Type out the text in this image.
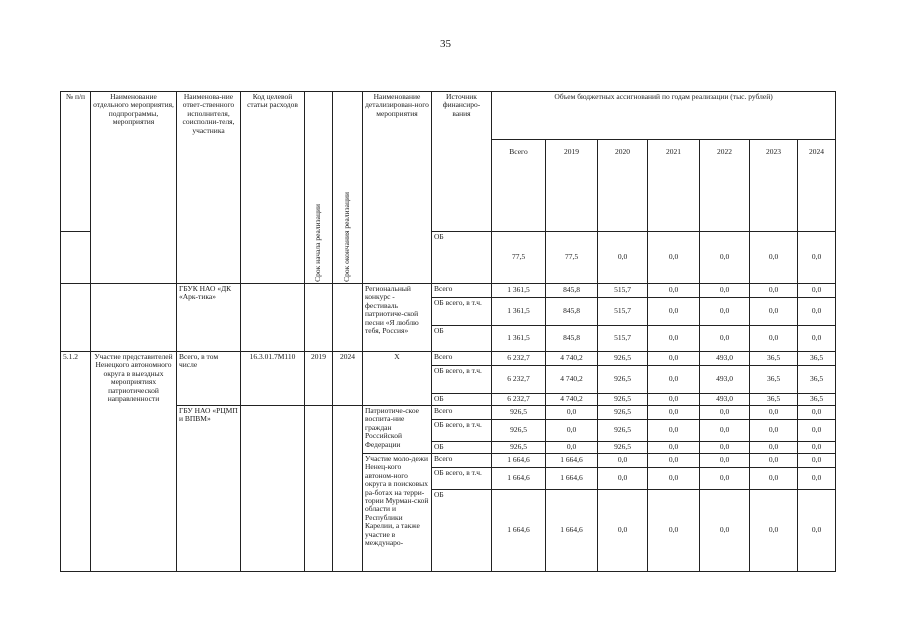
35
№ п/п	Наименование отдельного мероприятия, подпрограммы, мероприятия	Наименова-ние ответ-ственного исполнителя, соисполни-теля, участника	Код целевой статьи расходов	Срок начала реализации	Срок окончания реализации	Наименование детализирован-ного мероприятия	Источник финансиро-вания	Объем бюджетных ассигнований по годам реализации (тыс. рублей)						
								Всего	2019	2020	2021	2022	2023	2024
							ОБ	77,5	77,5	0,0	0,0	0,0	0,0	0,0
		ГБУК НАО «ДК «Арк-тика»				Региональный конкурс - фестиваль патриотиче-ской песни «Я люблю тебя, Россия»	Всего	1 361,5	845,8	515,7	0,0	0,0	0,0	0,0
							ОБ всего, в т.ч.	1 361,5	845,8	515,7	0,0	0,0	0,0	0,0
							ОБ	1 361,5	845,8	515,7	0,0	0,0	0,0	0,0
5.1.2	Участие представителей Ненецкого автономного округа в выездных мероприятиях патриотической направленности	Всего, в том числе	16.3.01.7М110	2019	2024	Х	Всего	6 232,7	4 740,2	926,5	0,0	493,0	36,5	36,5
							ОБ всего, в т.ч.	6 232,7	4 740,2	926,5	0,0	493,0	36,5	36,5
							ОБ	6 232,7	4 740,2	926,5	0,0	493,0	36,5	36,5
		ГБУ НАО «РЦМП и ВПВМ»				Патриотиче-ское воспита-ние граждан Российской Федерации	Всего	926,5	0,0	926,5	0,0	0,0	0,0	0,0
							ОБ всего, в т.ч.	926,5	0,0	926,5	0,0	0,0	0,0	0,0
							ОБ	926,5	0,0	926,5	0,0	0,0	0,0	0,0
						Участие моло-дежи Ненец-кого автоном-ного округа в поисковых ра-ботах на терри-тории Мурман-ской области и Республики Карелии, а также участие в междунаро-	Всего	1 664,6	1 664,6	0,0	0,0	0,0	0,0	0,0
							ОБ всего, в т.ч.	1 664,6	1 664,6	0,0	0,0	0,0	0,0	0,0
							ОБ	1 664,6	1 664,6	0,0	0,0	0,0	0,0	0,0
